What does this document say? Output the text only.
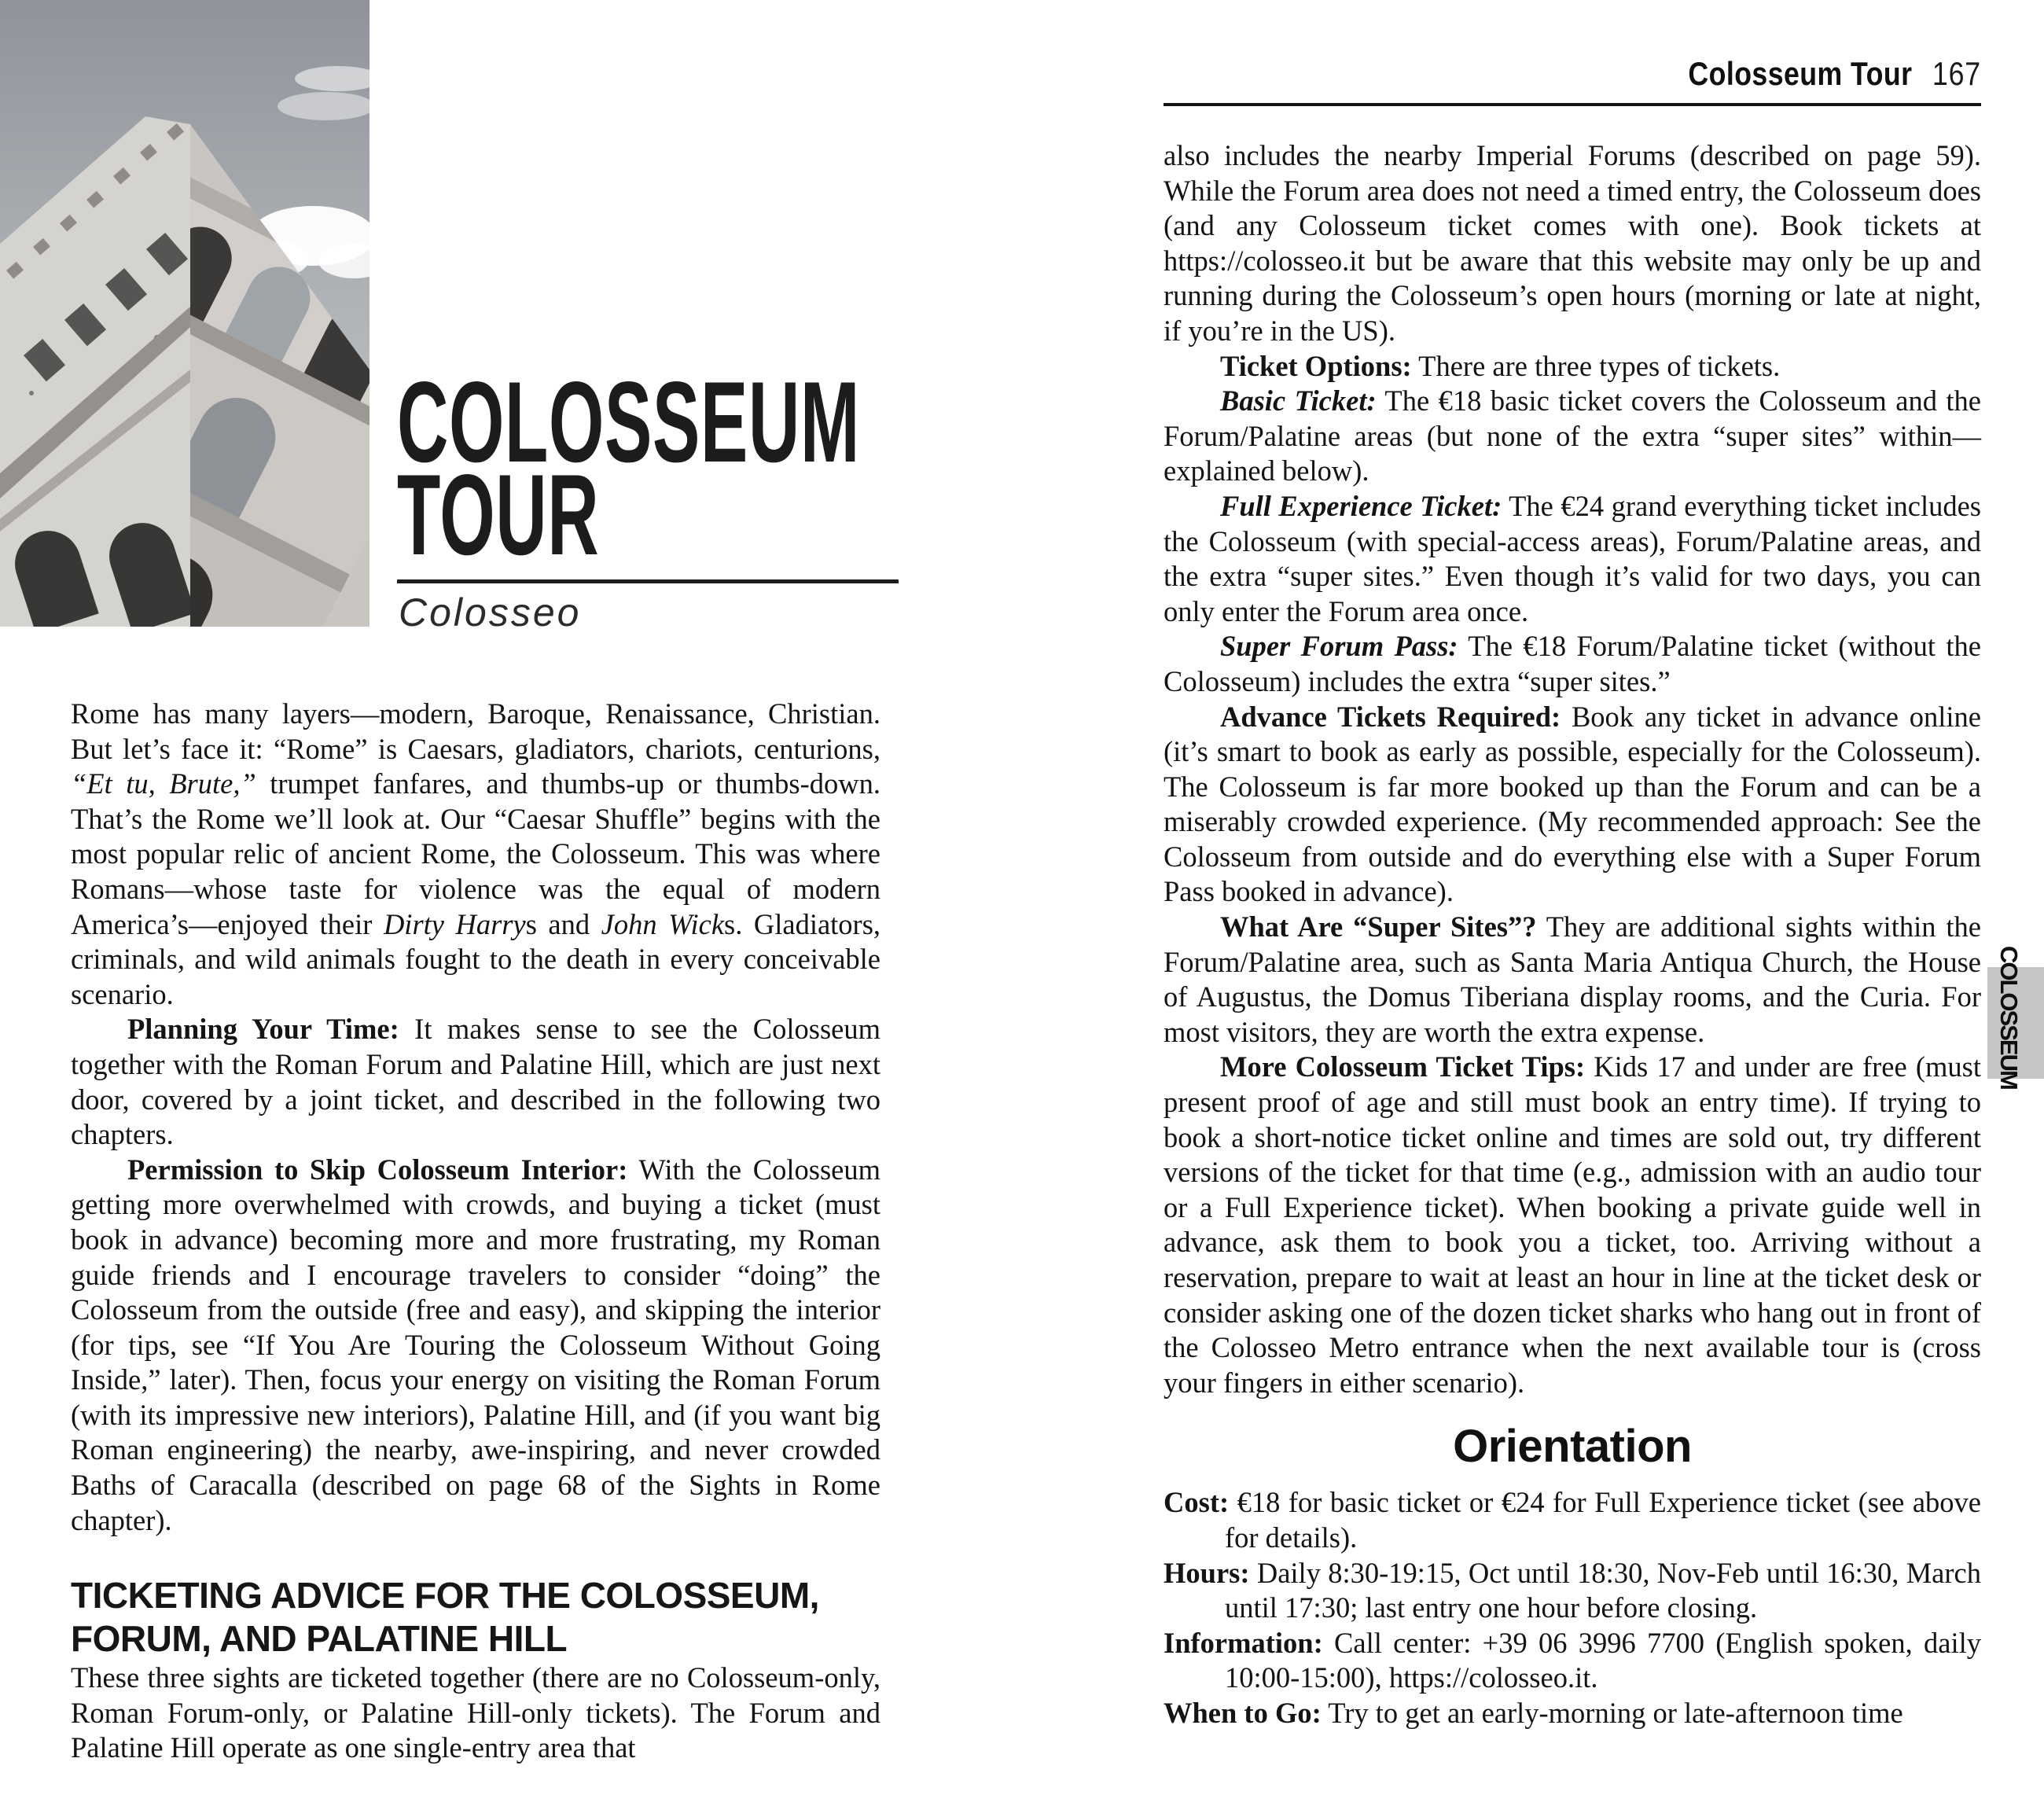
COLOSSEUM
TOUR
Colosseo
Colosseum Tour 167

Rome has many layers—modern, Baroque, Renaissance, Christian. But let’s face it: “Rome” is Caesars, gladiators, chariots, centurions, “Et tu, Brute,” trumpet fanfares, and thumbs-up or thumbs-down. That’s the Rome we’ll look at. Our “Caesar Shuffle” begins with the most popular relic of ancient Rome, the Colosseum. This was where Romans—whose taste for violence was the equal of modern America’s—enjoyed their Dirty Harrys and John Wicks. Gladiators, criminals, and wild animals fought to the death in every conceivable scenario.

Planning Your Time: It makes sense to see the Colosseum together with the Roman Forum and Palatine Hill, which are just next door, covered by a joint ticket, and described in the following two chapters.

Permission to Skip Colosseum Interior: With the Colosseum getting more overwhelmed with crowds, and buying a ticket (must book in advance) becoming more and more frustrating, my Roman guide friends and I encourage travelers to consider “doing” the Colosseum from the outside (free and easy), and skipping the interior (for tips, see “If You Are Touring the Colosseum Without Going Inside,” later). Then, focus your energy on visiting the Roman Forum (with its impressive new interiors), Palatine Hill, and (if you want big Roman engineering) the nearby, awe-inspiring, and never crowded Baths of Caracalla (described on page 68 of the Sights in Rome chapter).

TICKETING ADVICE FOR THE COLOSSEUM,
FORUM, AND PALATINE HILL

These three sights are ticketed together (there are no Colosseum-only, Roman Forum-only, or Palatine Hill-only tickets). The Forum and Palatine Hill operate as one single-entry area that

also includes the nearby Imperial Forums (described on page 59). While the Forum area does not need a timed entry, the Colosseum does (and any Colosseum ticket comes with one). Book tickets at https://colosseo.it but be aware that this website may only be up and running during the Colosseum’s open hours (morning or late at night, if you’re in the US).

Ticket Options: There are three types of tickets.

Basic Ticket: The €18 basic ticket covers the Colosseum and the Forum/Palatine areas (but none of the extra “super sites” within—explained below).

Full Experience Ticket: The €24 grand everything ticket includes the Colosseum (with special-access areas), Forum/Palatine areas, and the extra “super sites.” Even though it’s valid for two days, you can only enter the Forum area once.

Super Forum Pass: The €18 Forum/Palatine ticket (without the Colosseum) includes the extra “super sites.”

Advance Tickets Required: Book any ticket in advance online (it’s smart to book as early as possible, especially for the Colosseum). The Colosseum is far more booked up than the Forum and can be a miserably crowded experience. (My recommended approach: See the Colosseum from outside and do everything else with a Super Forum Pass booked in advance).

What Are “Super Sites”? They are additional sights within the Forum/Palatine area, such as Santa Maria Antiqua Church, the House of Augustus, the Domus Tiberiana display rooms, and the Curia. For most visitors, they are worth the extra expense.

More Colosseum Ticket Tips: Kids 17 and under are free (must present proof of age and still must book an entry time). If trying to book a short-notice ticket online and times are sold out, try different versions of the ticket for that time (e.g., admission with an audio tour or a Full Experience ticket). When booking a private guide well in advance, ask them to book you a ticket, too. Arriving without a reservation, prepare to wait at least an hour in line at the ticket desk or consider asking one of the dozen ticket sharks who hang out in front of the Colosseo Metro entrance when the next available tour is (cross your fingers in either scenario).

Orientation

Cost: €18 for basic ticket or €24 for Full Experience ticket (see above for details).

Hours: Daily 8:30-19:15, Oct until 18:30, Nov-Feb until 16:30, March until 17:30; last entry one hour before closing.

Information: Call center: +39 06 3996 7700 (English spoken, daily 10:00-15:00), https://colosseo.it.

When to Go: Try to get an early-morning or late-afternoon time

COLOSSEUM
